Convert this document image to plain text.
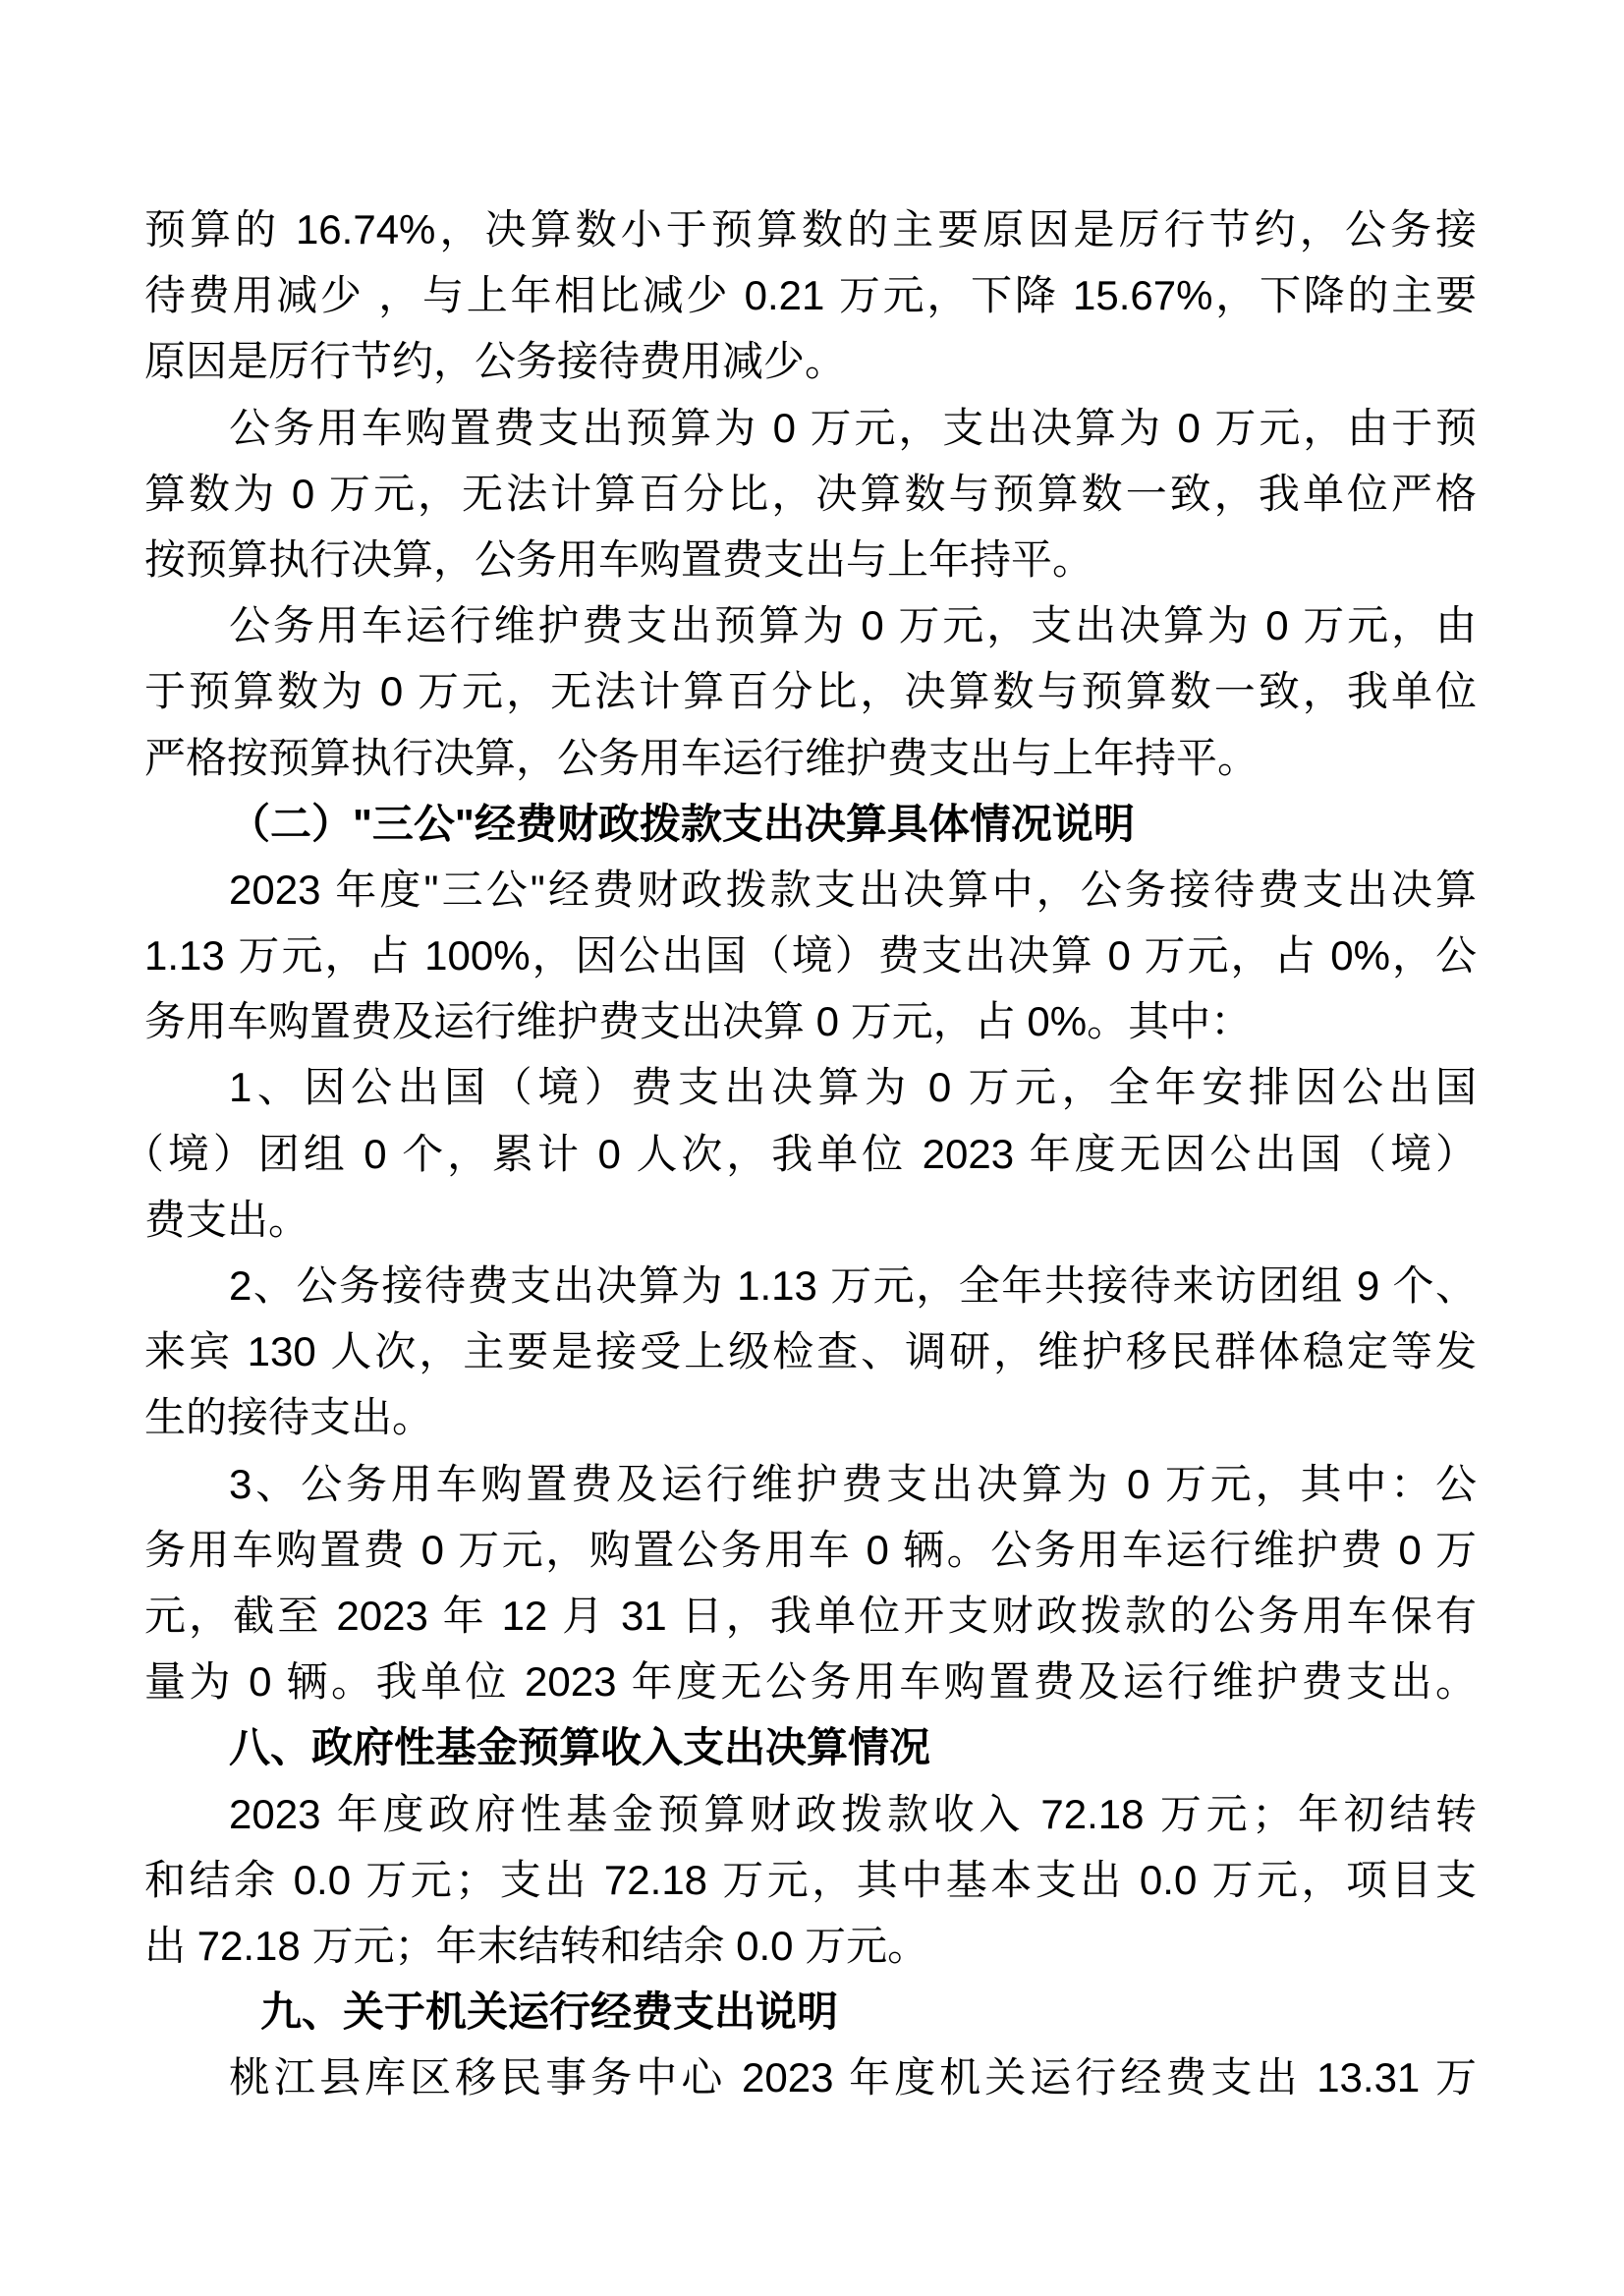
预算的 16.74%，决算数小于预算数的主要原因是厉行节约，公务接
待费用减少 ，与上年相比减少 0.21 万元，下降 15.67%，下降的主要
原因是厉行节约，公务接待费用减少。
公务用车购置费支出预算为 0 万元，支出决算为 0 万元，由于预
算数为 0 万元，无法计算百分比，决算数与预算数一致，我单位严格
按预算执行决算，公务用车购置费支出与上年持平。
公务用车运行维护费支出预算为 0 万元，支出决算为 0 万元，由
于预算数为 0 万元，无法计算百分比，决算数与预算数一致，我单位
严格按预算执行决算，公务用车运行维护费支出与上年持平。
（二）"三公"经费财政拨款支出决算具体情况说明
2023 年度"三公"经费财政拨款支出决算中，公务接待费支出决算
1.13 万元，占 100%，因公出国（境）费支出决算 0 万元，占 0%，公
务用车购置费及运行维护费支出决算 0 万元，占 0%。其中：
1、因公出国（境）费支出决算为 0 万元，全年安排因公出国
（境）团组 0 个，累计 0 人次，我单位 2023 年度无因公出国（境）
费支出。
2、公务接待费支出决算为 1.13 万元，全年共接待来访团组 9 个、
来宾 130 人次，主要是接受上级检查、调研，维护移民群体稳定等发
生的接待支出。
3、公务用车购置费及运行维护费支出决算为 0 万元，其中：公
务用车购置费 0 万元，购置公务用车 0 辆。公务用车运行维护费 0 万
元，截至 2023 年 12 月 31 日，我单位开支财政拨款的公务用车保有
量为 0 辆。我单位 2023 年度无公务用车购置费及运行维护费支出。
八、政府性基金预算收入支出决算情况
2023 年度政府性基金预算财政拨款收入 72.18 万元；年初结转
和结余 0.0 万元；支出 72.18 万元，其中基本支出 0.0 万元，项目支
出 72.18 万元；年末结转和结余 0.0 万元。
九、关于机关运行经费支出说明
桃江县库区移民事务中心 2023 年度机关运行经费支出 13.31 万
